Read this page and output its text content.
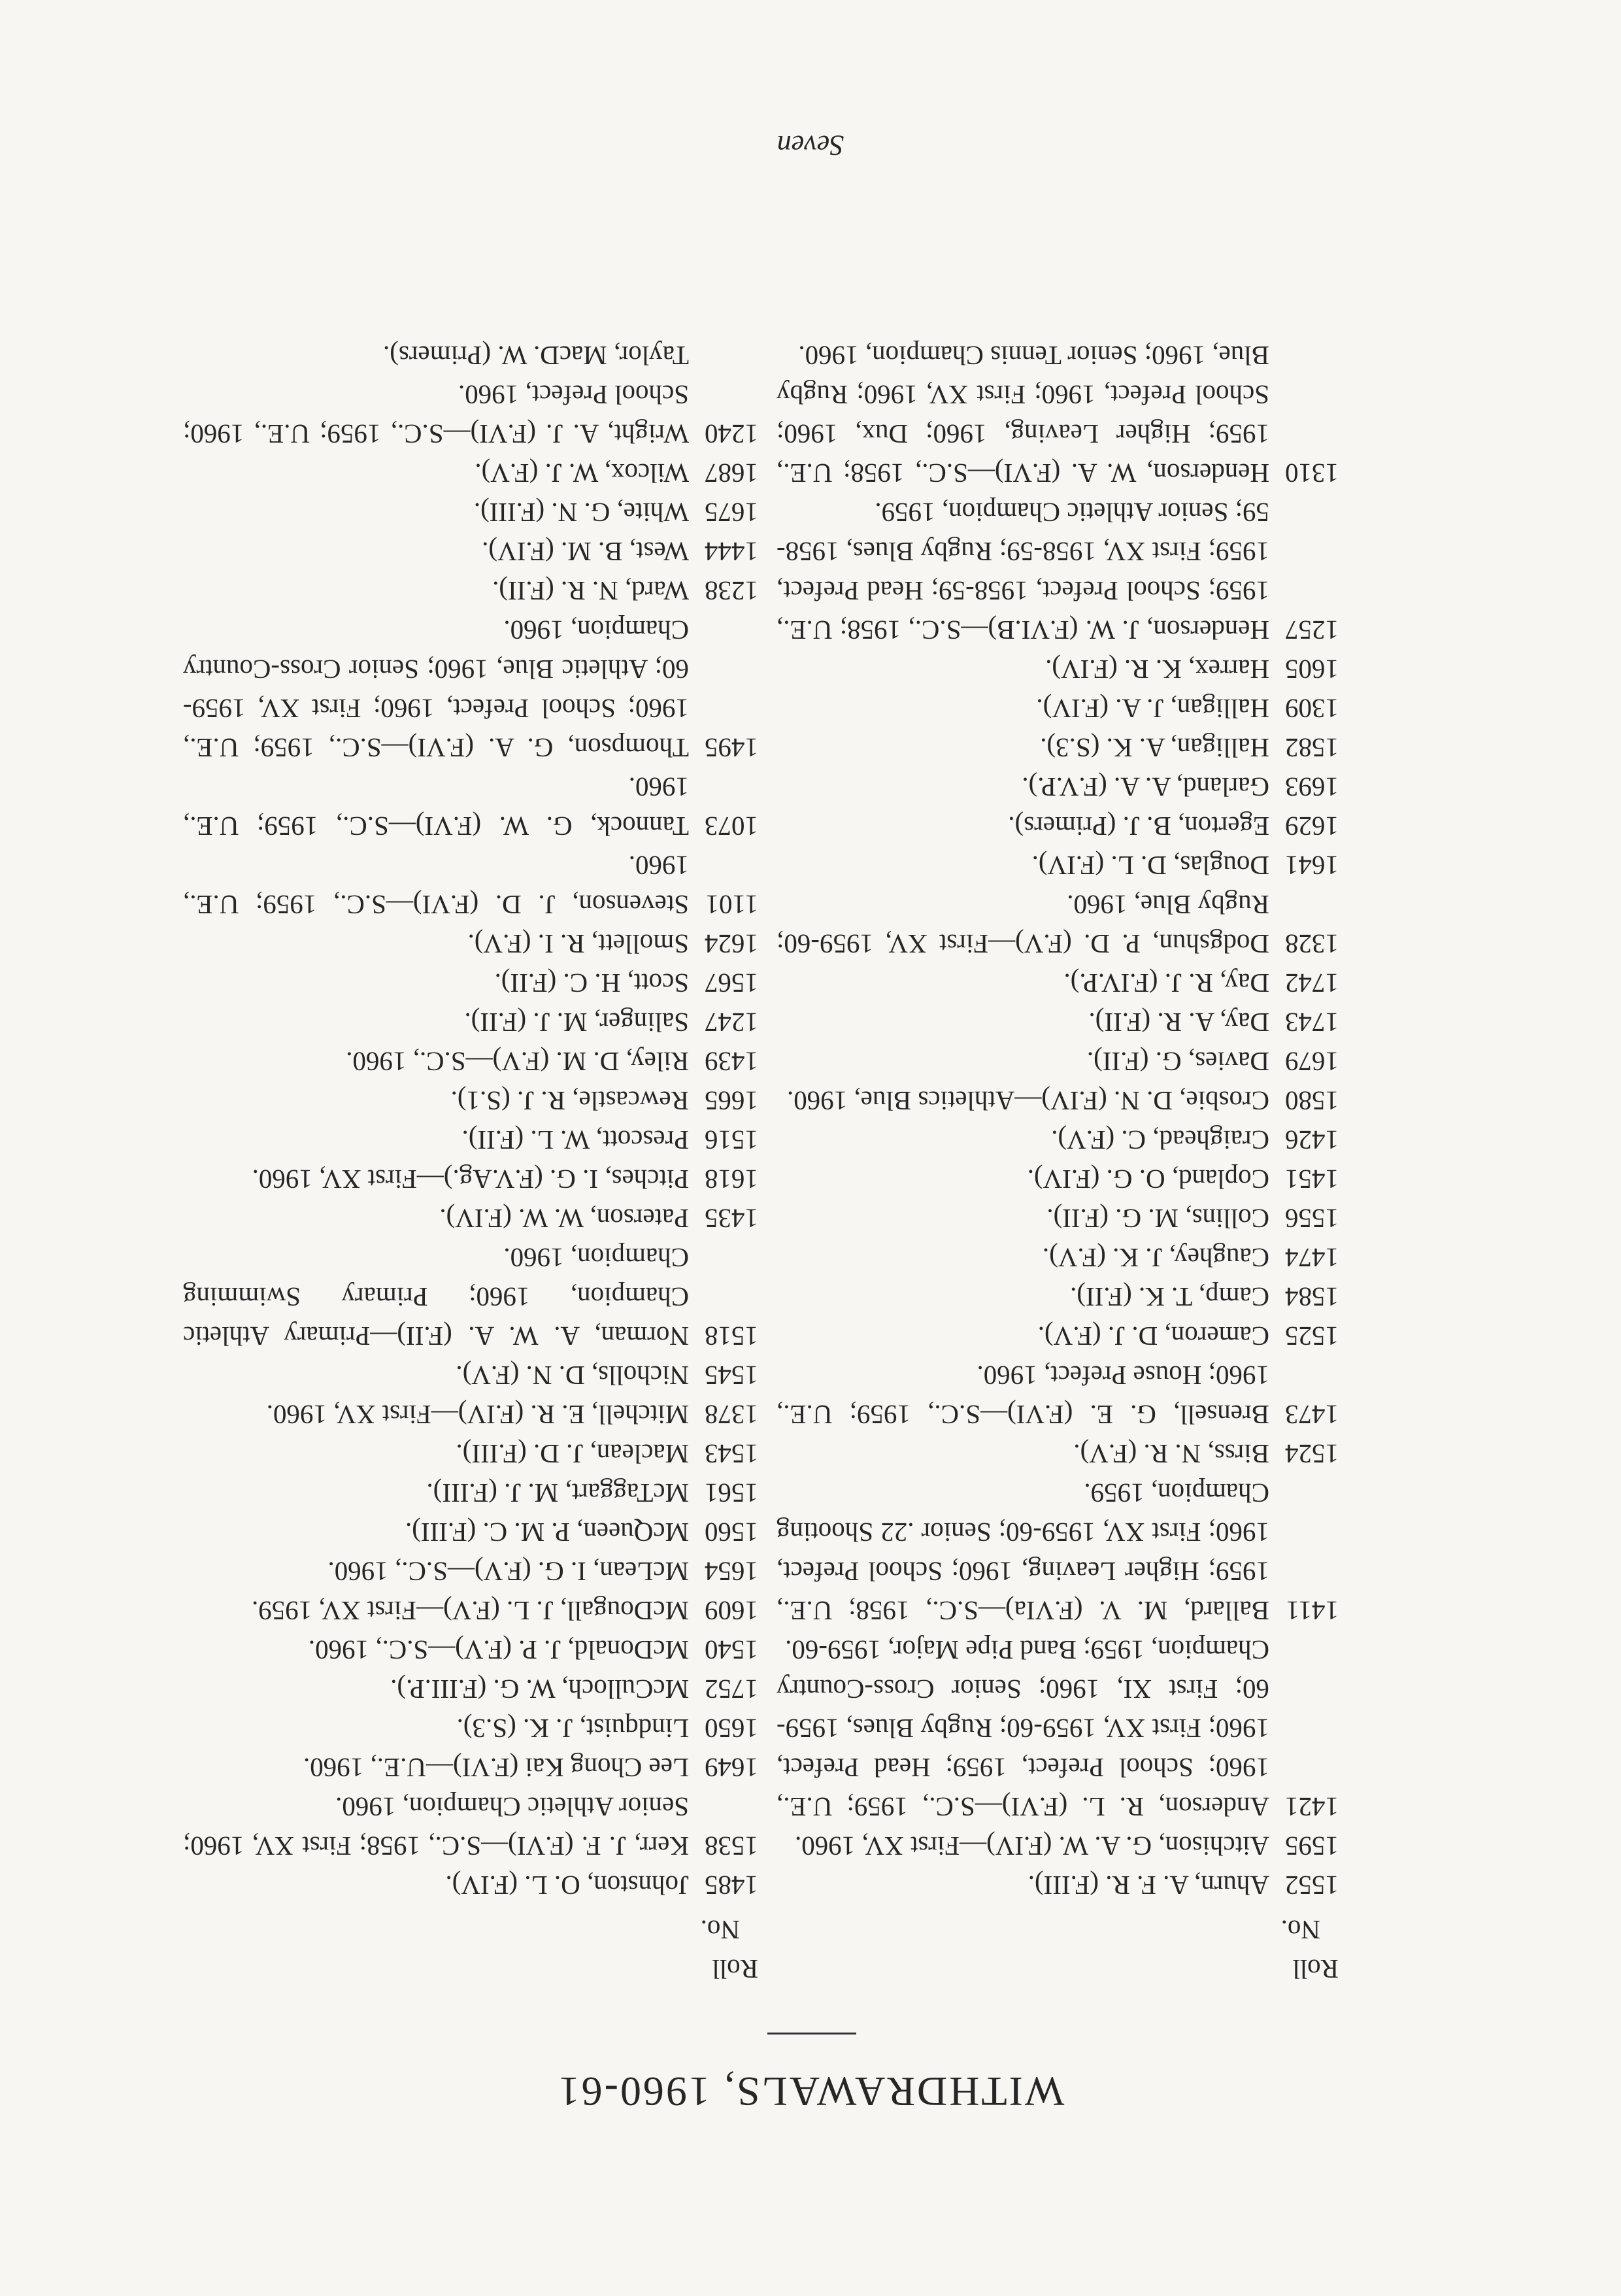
WITHDRAWALS, 1960-61
Roll
No.
1552
Ahurn, A. F. R. (F.III).
1595
Aitchison, G. A. W. (F.IV)—First XV, 1960.
1421
Anderson, R. L. (F.VI)—S.C., 1959; U.E., 1960; School Prefect, 1959; Head Prefect, 1960; First XV, 1959-60; Rugby Blues, 1959-60; First XI, 1960; Senior Cross-Country Champion, 1959; Band Pipe Major, 1959-60.
1411
Ballard, M. V. (F.VIa)—S.C., 1958; U.E., 1959; Higher Leaving, 1960; School Prefect, 1960; First XV, 1959-60; Senior .22 Shooting Champion, 1959.
1524
Birss, N. R. (F.V).
1473
Brensell, G. E. (F.VI)—S.C., 1959; U.E., 1960; House Prefect, 1960.
1525
Cameron, D. J. (F.V).
1584
Camp, T. K. (F.II).
1474
Caughey, J. K. (F.V).
1556
Collins, M. G. (F.II).
1451
Copland, O. G. (F.IV).
1426
Craighead, C. (F.V).
1580
Crosbie, D. N. (F.IV)—Athletics Blue, 1960.
1679
Davies, G. (F.II).
1743
Day, A. R. (F.II).
1742
Day, R. J. (F.IV.P.).
1328
Dodgshun, P. D. (F.V)—First XV, 1959-60; Rugby Blue, 1960.
1641
Douglas, D. L. (F.IV).
1629
Egerton, B. J. (Primers).
1693
Garland, A. A. (F.V.P.).
1582
Halligan, A. K. (S.3).
1309
Halligan, J. A. (F.IV).
1605
Harrex, K. R. (F.IV).
1257
Henderson, J. W. (F.VI.B)—S.C., 1958; U.E., 1959; School Prefect, 1958-59; Head Prefect, 1959; First XV, 1958-59; Rugby Blues, 1958-59; Senior Athletic Champion, 1959.
1310
Henderson, W. A. (F.VI)—S.C., 1958; U.E., 1959; Higher Leaving, 1960; Dux, 1960; School Prefect, 1960; First XV, 1960; Rugby Blue, 1960; Senior Tennis Champion, 1960.
Roll
No.
1485
Johnston, O. L. (F.IV).
1538
Kerr, J. F. (F.VI)—S.C., 1958; First XV, 1960; Senior Athletic Champion, 1960.
1649
Lee Chong Kai (F.VI)—U.E., 1960.
1650
Lindquist, J. K. (S.3).
1752
McCulloch, W. G. (F.III.P.).
1540
McDonald, J. P. (F.V)—S.C., 1960.
1609
McDougall, J. L. (F.V)—First XV, 1959.
1654
McLean, I. G. (F.V)—S.C., 1960.
1560
McQueen, P. M. C. (F.III).
1561
McTaggart, M. J. (F.III).
1543
Maclean, J. D. (F.III).
1378
Mitchell, E. R. (F.IV)—First XV, 1960.
1545
Nicholls, D. N. (F.V).
1518
Norman, A. W. A. (F.II)—Primary Athletic Champion, 1960; Primary Swimming Champion, 1960.
1435
Paterson, W. W. (F.IV).
1618
Pitches, I. G. (F.V.Ag.)—First XV, 1960.
1516
Prescott, W. L. (F.II).
1665
Rewcastle, R. J. (S.1).
1439
Riley, D. M. (F.V)—S.C., 1960.
1247
Salinger, M. J. (F.II).
1567
Scott, H. C. (F.II).
1624
Smollett, R. I. (F.V).
1101
Stevenson, J. D. (F.VI)—S.C., 1959; U.E., 1960.
1073
Tannock, G. W. (F.VI)—S.C., 1959; U.E., 1960.
1495
Thompson, G. A. (F.VI)—S.C., 1959; U.E., 1960; School Prefect, 1960; First XV, 1959-60; Athletic Blue, 1960; Senior Cross-Country Champion, 1960.
1238
Ward, N. R. (F.II).
1444
West, B. M. (F.IV).
1675
White, G. N. (F.III).
1687
Wilcox, W. J. (F.V).
1240
Wright, A. J. (F.VI)—S.C., 1959; U.E., 1960; School Prefect, 1960.
Taylor, MacD. W. (Primers).
Seven
